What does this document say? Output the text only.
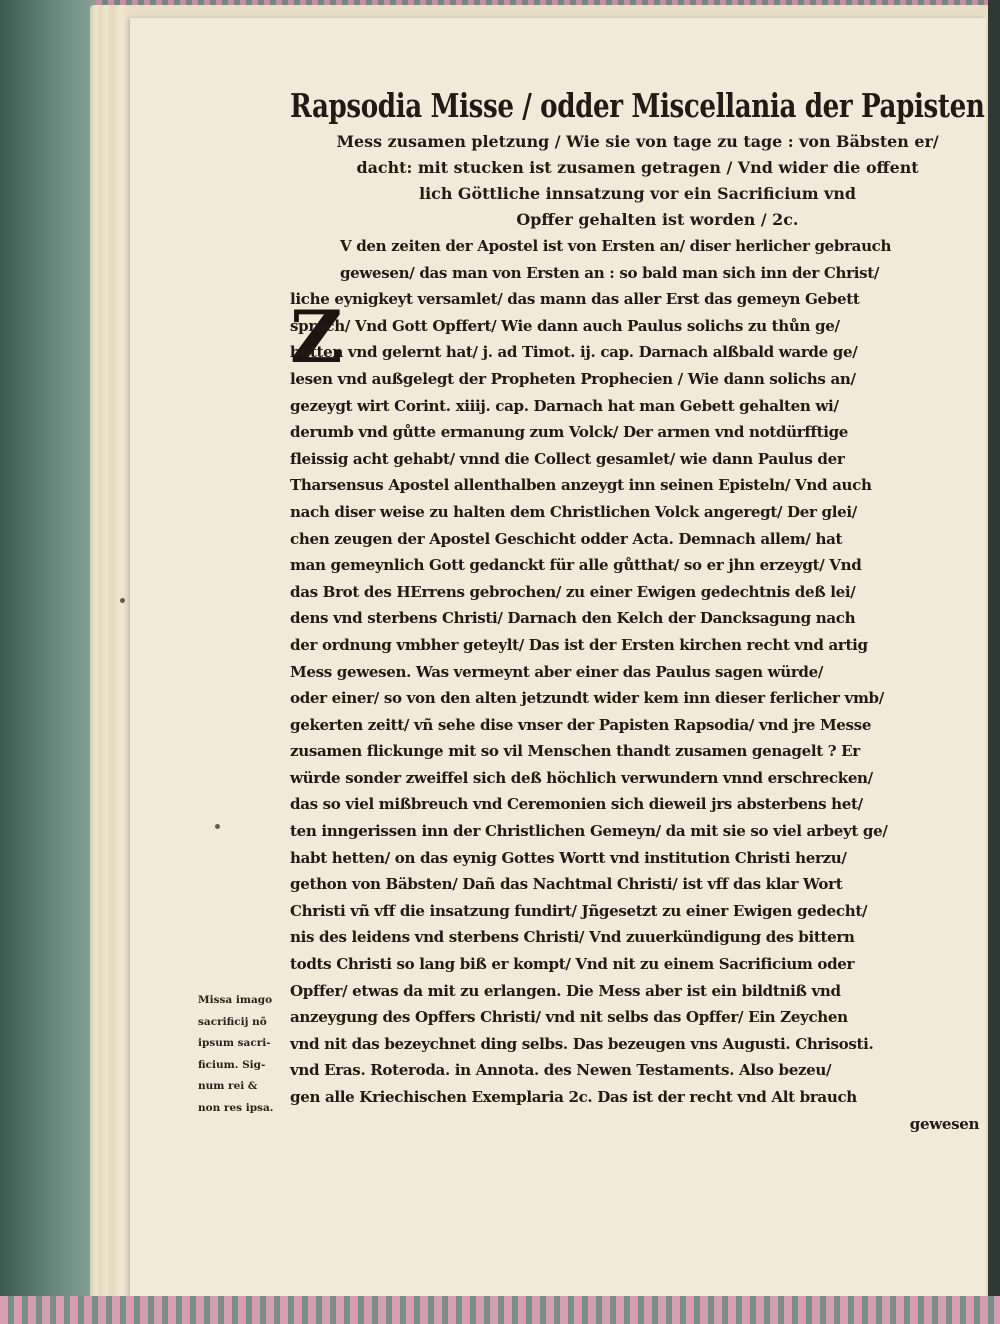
Rapsodia Misse / odder Miscellania der Papisten
Mess zusamen pletzung / Wie sie von tage zu tage : von Bäbsten er/
dacht: mit stucken ist zusamen getragen / Vnd wider die offent
lich Göttliche innsatzung vor ein Sacrificium vnd
Opffer gehalten ist worden / 2c.
Z
V den zeiten der Apostel ist von Ersten an/ diser herlicher gebrauch
gewesen/ das man von Ersten an : so bald man sich inn der Christ/
liche eynigkeyt versamlet/ das mann das aller Erst das gemeyn Gebett
sprach/ Vnd Gott Opffert/ Wie dann auch Paulus solichs zu thůn ge/
botten vnd gelernt hat/ j. ad Timot. ij. cap. Darnach alßbald warde ge/
lesen vnd außgelegt der Propheten Prophecien / Wie dann solichs an/
gezeygt wirt Corint. xiiij. cap. Darnach hat man Gebett gehalten wi/
derumb vnd gůtte ermanung zum Volck/ Der armen vnd notdürfftige
fleissig acht gehabt/ vnnd die Collect gesamlet/ wie dann Paulus der
Tharsensus Apostel allenthalben anzeygt inn seinen Episteln/ Vnd auch
nach diser weise zu halten dem Christlichen Volck angeregt/ Der glei/
chen zeugen der Apostel Geschicht odder Acta. Demnach allem/ hat
man gemeynlich Gott gedanckt für alle gůtthat/ so er jhn erzeygt/ Vnd
das Brot des HErrens gebrochen/ zu einer Ewigen gedechtnis deß lei/
dens vnd sterbens Christi/ Darnach den Kelch der Dancksagung nach
der ordnung vmbher geteylt/ Das ist der Ersten kirchen recht vnd artig
Mess gewesen. Was vermeynt aber einer das Paulus sagen würde/
oder einer/ so von den alten jetzundt wider kem inn dieser ferlicher vmb/
gekerten zeitt/ vñ sehe dise vnser der Papisten Rapsodia/ vnd jre Messe
zusamen flickunge mit so vil Menschen thandt zusamen genagelt ? Er
würde sonder zweiffel sich deß höchlich verwundern vnnd erschrecken/
das so viel mißbreuch vnd Ceremonien sich dieweil jrs absterbens het/
ten inngerissen inn der Christlichen Gemeyn/ da mit sie so viel arbeyt ge/
habt hetten/ on das eynig Gottes Wortt vnd institution Christi herzu/
gethon von Bäbsten/ Dañ das Nachtmal Christi/ ist vff das klar Wort
Christi vñ vff die insatzung fundirt/ Jñgesetzt zu einer Ewigen gedecht/
nis des leidens vnd sterbens Christi/ Vnd zuuerkündigung des bittern
todts Christi so lang biß er kompt/ Vnd nit zu einem Sacrificium oder
Opffer/ etwas da mit zu erlangen. Die Mess aber ist ein bildtniß vnd
anzeygung des Opffers Christi/ vnd nit selbs das Opffer/ Ein Zeychen
vnd nit das bezeychnet ding selbs. Das bezeugen vns Augusti. Chrisosti.
vnd Eras. Roteroda. in Annota. des Newen Testaments. Also bezeu/
gen alle Kriechischen Exemplaria 2c. Das ist der recht vnd Alt brauch
gewesen
Missa imago
sacrificij nõ
ipsum sacri-
ficium. Sig-
num rei &
non res ipsa.
